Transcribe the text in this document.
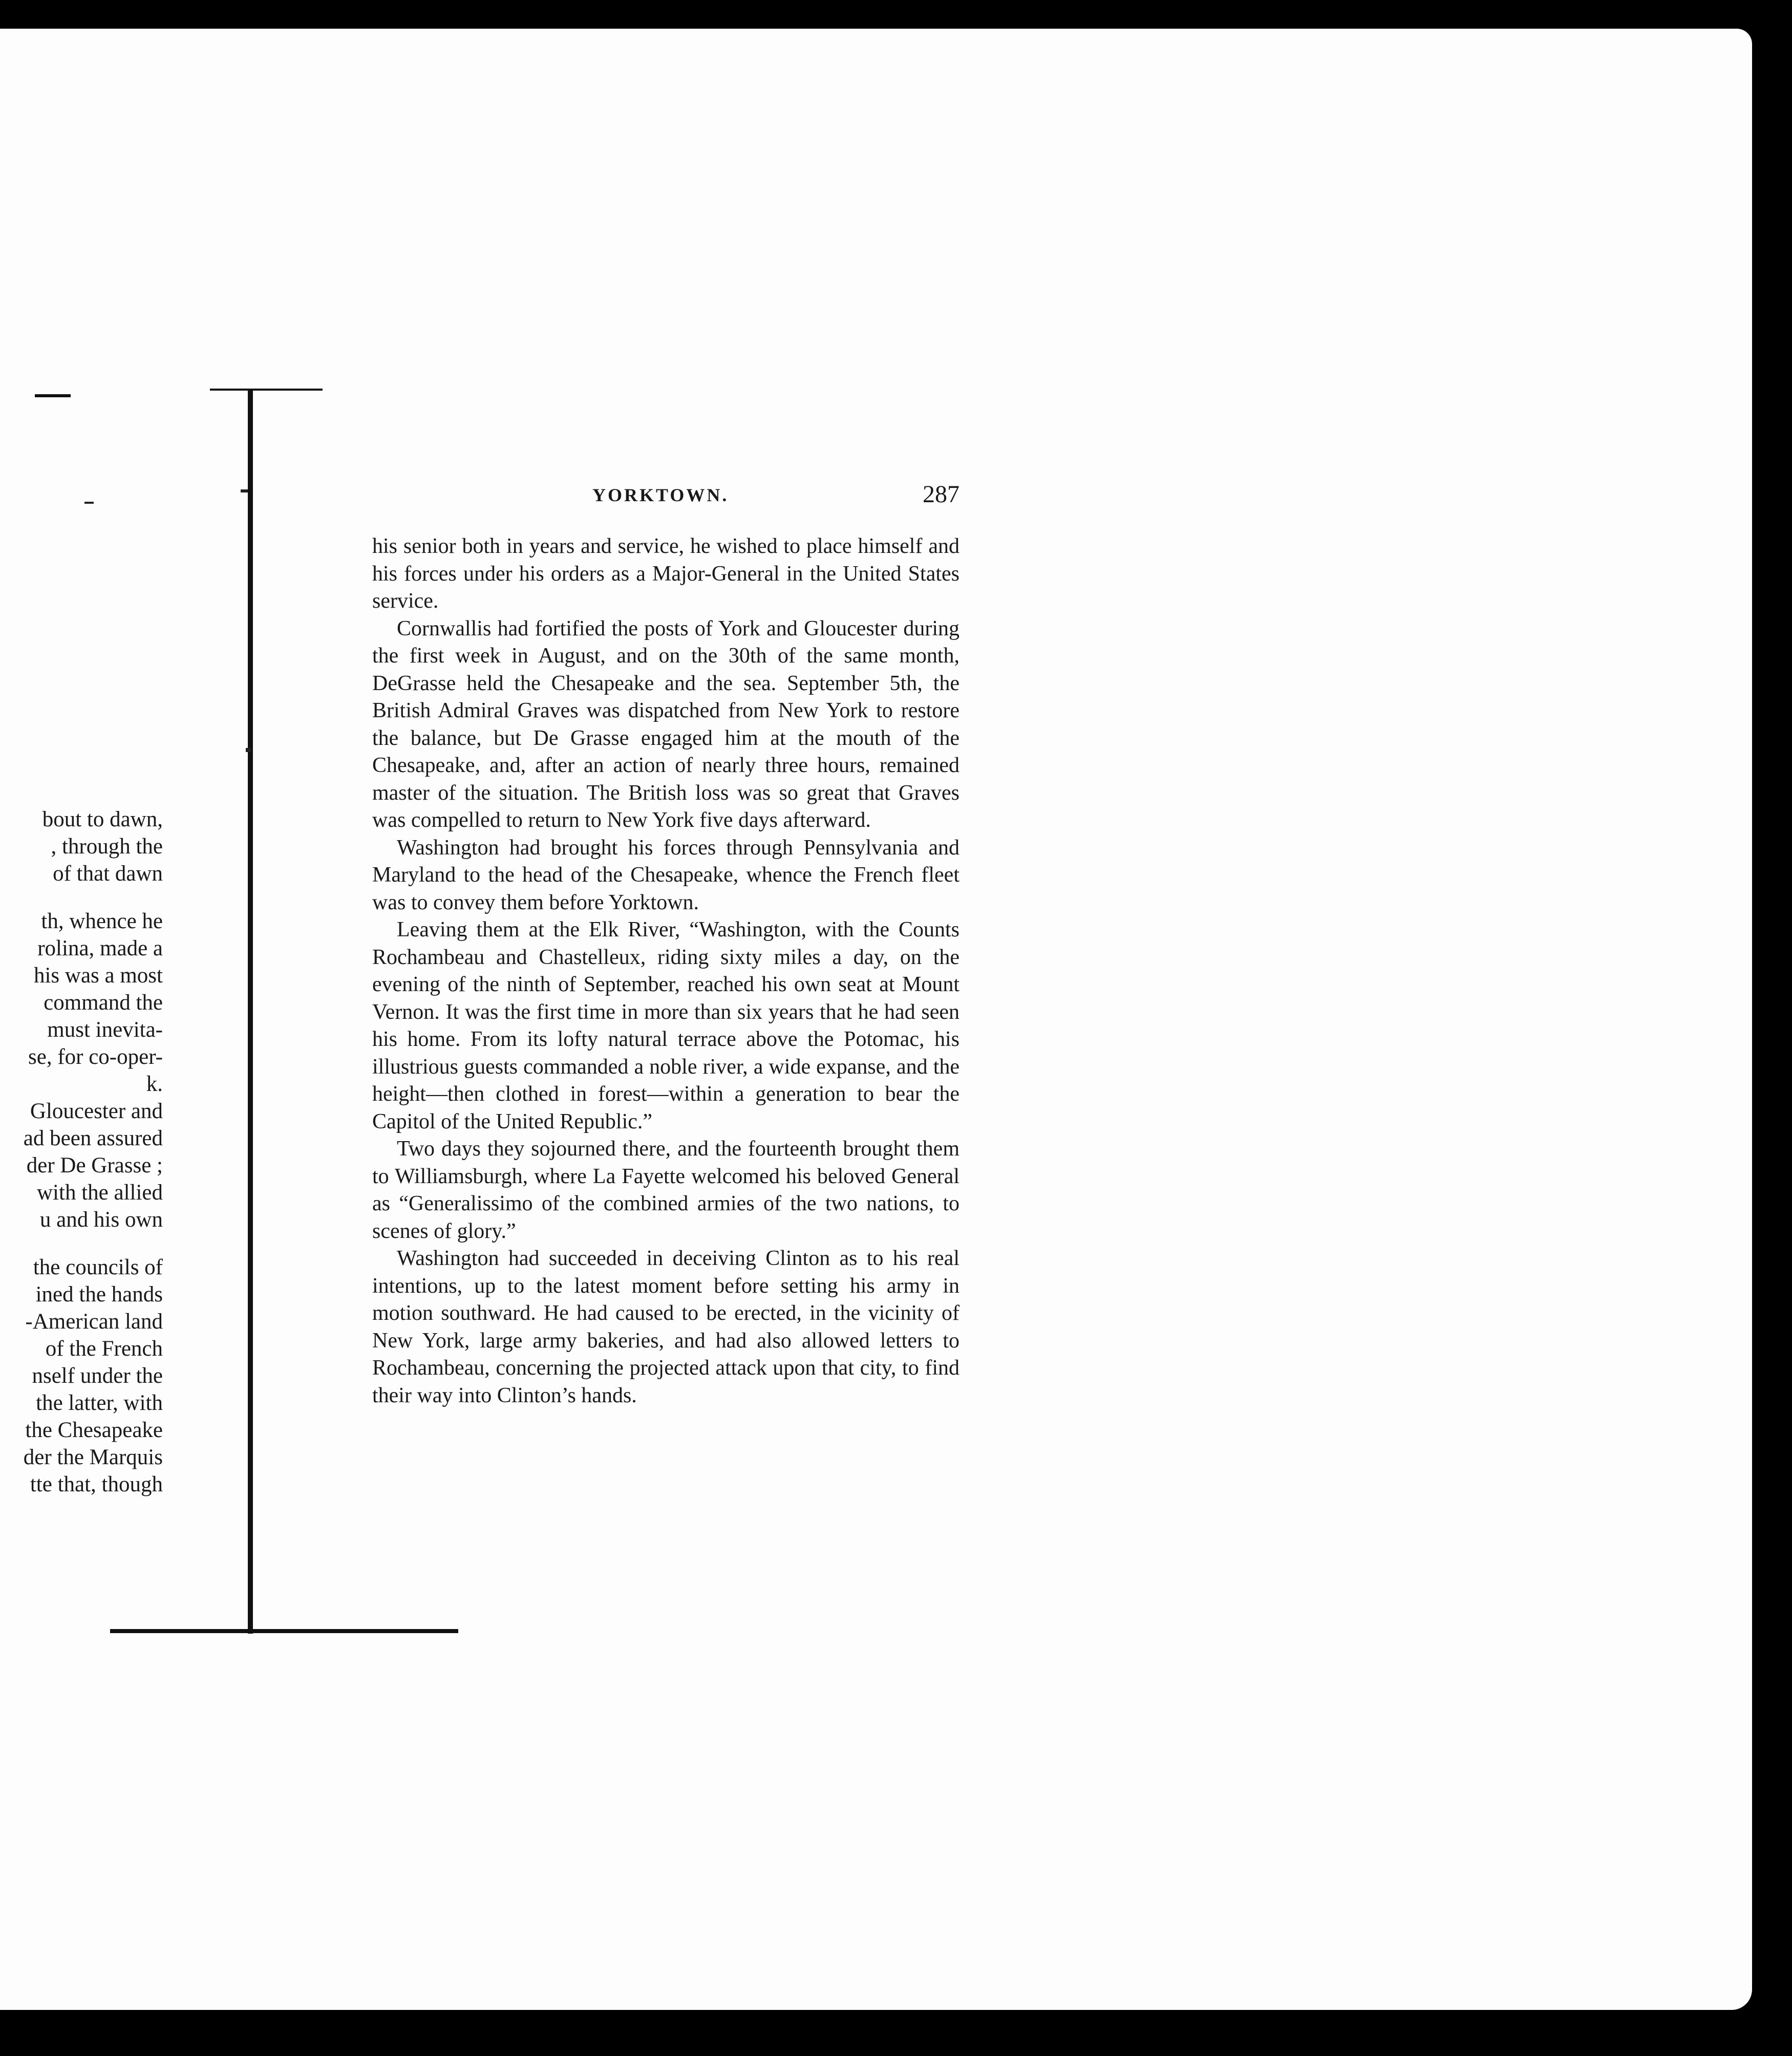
bout to dawn,
, through the
of that dawn
th, whence he
rolina, made a
his was a most
command the
must inevita-
se, for co-oper-
k.
Gloucester and
ad been assured
der De Grasse ;
with the allied
u and his own
the councils of
ined the hands
-American land
of the French
nself under the
the latter, with
the Chesapeake
der the Marquis
tte that, though
YORKTOWN.	287

his senior both in years and service, he wished to place himself and his forces under his orders as a Major-General in the United States service.

Cornwallis had fortified the posts of York and Gloucester during the first week in August, and on the 30th of the same month, DeGrasse held the Chesapeake and the sea. September 5th, the British Admiral Graves was dispatched from New York to restore the balance, but De Grasse engaged him at the mouth of the Chesapeake, and, after an action of nearly three hours, remained master of the situation. The British loss was so great that Graves was compelled to return to New York five days afterward.

Washington had brought his forces through Pennsylvania and Maryland to the head of the Chesapeake, whence the French fleet was to convey them before Yorktown.

Leaving them at the Elk River, “Washington, with the Counts Rochambeau and Chastelleux, riding sixty miles a day, on the evening of the ninth of September, reached his own seat at Mount Vernon. It was the first time in more than six years that he had seen his home. From its lofty natural terrace above the Potomac, his illustrious guests commanded a noble river, a wide expanse, and the height—then clothed in forest—within a generation to bear the Capitol of the United Republic.”

Two days they sojourned there, and the fourteenth brought them to Williamsburgh, where La Fayette welcomed his beloved General as “Generalissimo of the combined armies of the two nations, to scenes of glory.”

Washington had succeeded in deceiving Clinton as to his real intentions, up to the latest moment before setting his army in motion southward. He had caused to be erected, in the vicinity of New York, large army bakeries, and had also allowed letters to Rochambeau, concerning the projected attack upon that city, to find their way into Clinton’s hands.
